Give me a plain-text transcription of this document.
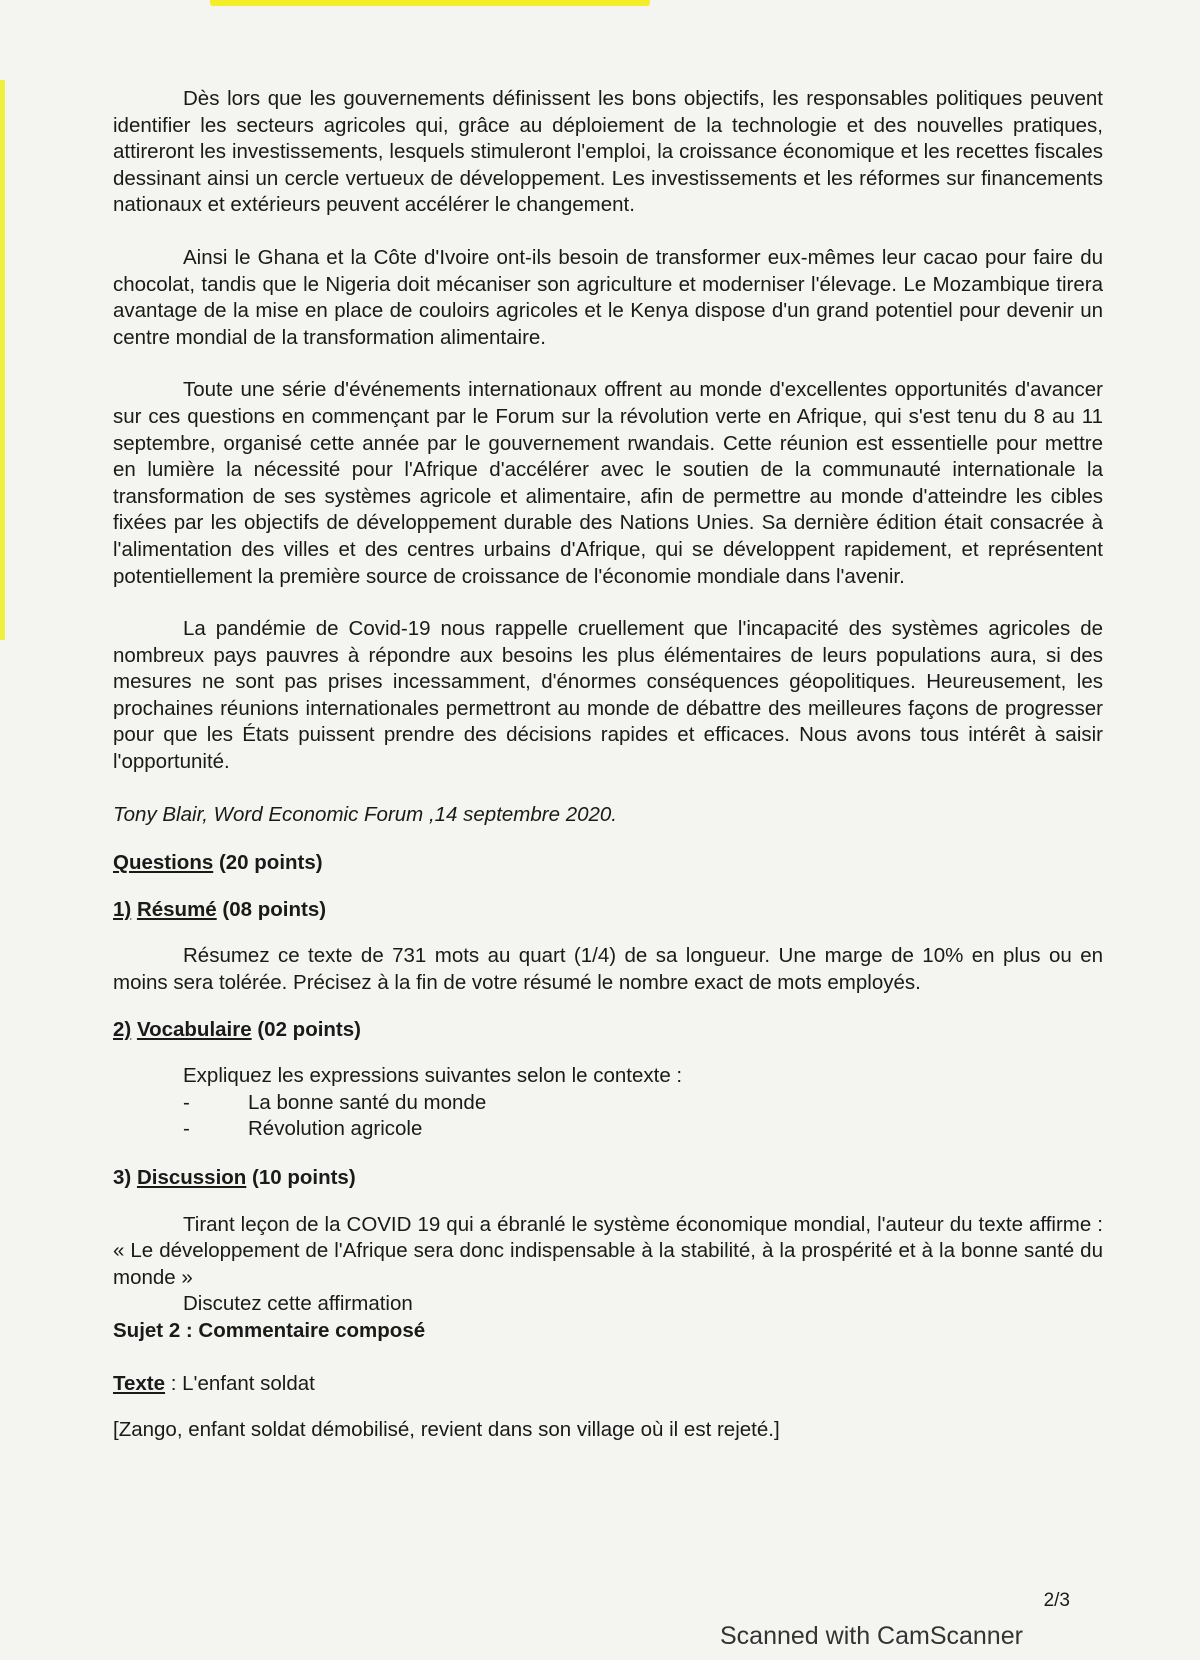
Dès lors que les gouvernements définissent les bons objectifs, les responsables politiques peuvent identifier les secteurs agricoles qui, grâce au déploiement de la technologie et des nouvelles pratiques, attireront les investissements, lesquels stimuleront l'emploi, la croissance économique et les recettes fiscales dessinant ainsi un cercle vertueux de développement. Les investissements et les réformes sur financements nationaux et extérieurs peuvent accélérer le changement.

Ainsi le Ghana et la Côte d'Ivoire ont-ils besoin de transformer eux-mêmes leur cacao pour faire du chocolat, tandis que le Nigeria doit mécaniser son agriculture et moderniser l'élevage. Le Mozambique tirera avantage de la mise en place de couloirs agricoles et le Kenya dispose d'un grand potentiel pour devenir un centre mondial de la transformation alimentaire.

Toute une série d'événements internationaux offrent au monde d'excellentes opportunités d'avancer sur ces questions en commençant par le Forum sur la révolution verte en Afrique, qui s'est tenu du 8 au 11 septembre, organisé cette année par le gouvernement rwandais. Cette réunion est essentielle pour mettre en lumière la nécessité pour l'Afrique d'accélérer avec le soutien de la communauté internationale la transformation de ses systèmes agricole et alimentaire, afin de permettre au monde d'atteindre les cibles fixées par les objectifs de développement durable des Nations Unies. Sa dernière édition était consacrée à l'alimentation des villes et des centres urbains d'Afrique, qui se développent rapidement, et représentent potentiellement la première source de croissance de l'économie mondiale dans l'avenir.

La pandémie de Covid-19 nous rappelle cruellement que l'incapacité des systèmes agricoles de nombreux pays pauvres à répondre aux besoins les plus élémentaires de leurs populations aura, si des mesures ne sont pas prises incessamment, d'énormes conséquences géopolitiques. Heureusement, les prochaines réunions internationales permettront au monde de débattre des meilleures façons de progresser pour que les États puissent prendre des décisions rapides et efficaces. Nous avons tous intérêt à saisir l'opportunité.

Tony Blair, Word Economic Forum ,14 septembre 2020.

Questions (20 points)

1) Résumé (08 points)

Résumez ce texte de 731 mots au quart (1/4) de sa longueur. Une marge de 10% en plus ou en moins sera tolérée. Précisez à la fin de votre résumé le nombre exact de mots employés.

2) Vocabulaire (02 points)

Expliquez les expressions suivantes selon le contexte :

-	La bonne santé du monde
-	Révolution agricole

3) Discussion (10 points)

Tirant leçon de la COVID 19 qui a ébranlé le système économique mondial, l'auteur du texte affirme : « Le développement de l'Afrique sera donc indispensable à la stabilité, à la prospérité et à la bonne santé du monde »

Discutez cette affirmation

Sujet 2 : Commentaire composé

Texte : L'enfant soldat

[Zango, enfant soldat démobilisé, revient dans son village où il est rejeté.]

2/3
Scanned with CamScanner
